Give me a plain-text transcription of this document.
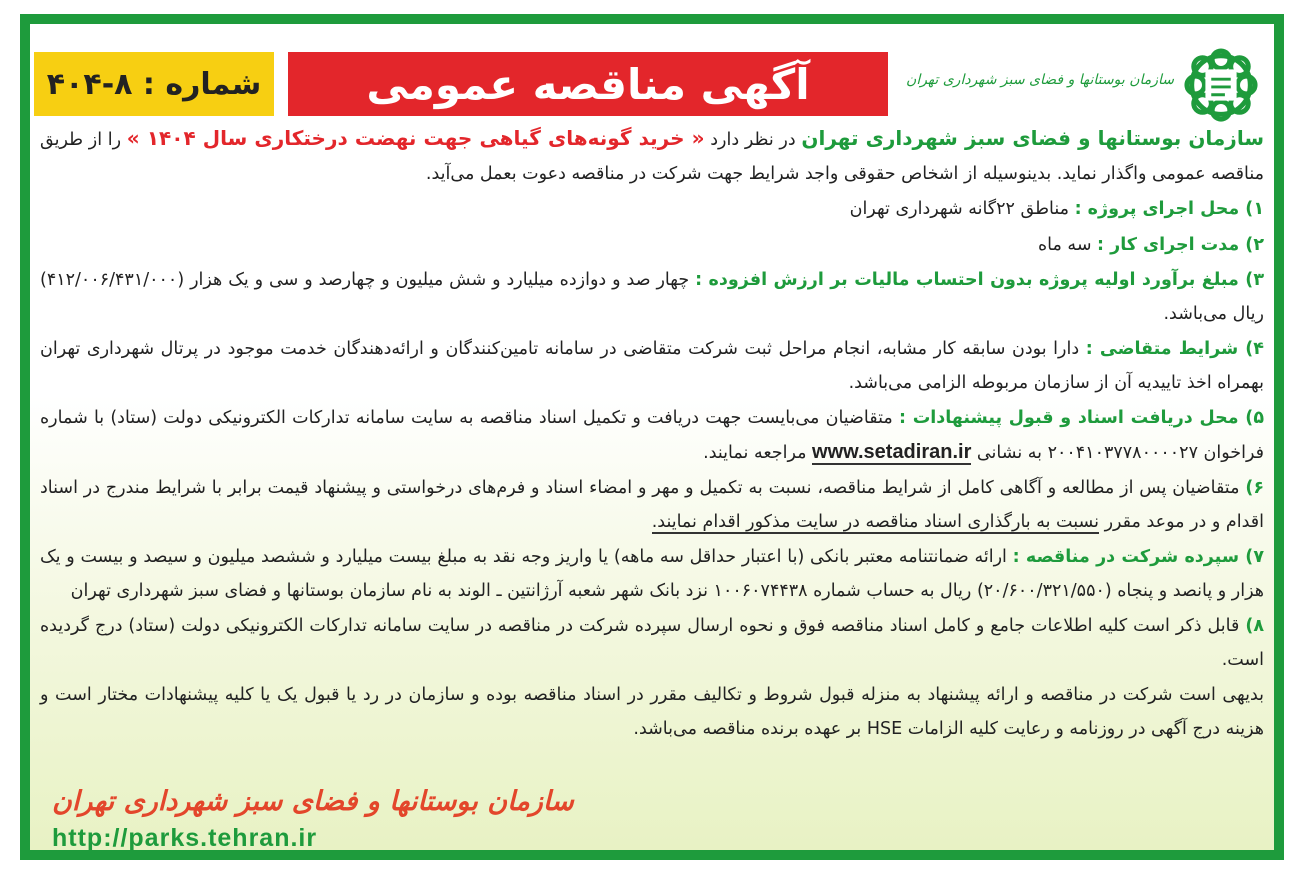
شماره : ۸-۴۰۴	آگهی مناقصه عمومی	سازمان بوستانها و فضای سبز شهرداری تهران

سازمان بوستانها و فضای سبز شهرداری تهران در نظر دارد « خرید گونه‌های گیاهی جهت نهضت درختکاری سال ۱۴۰۴ » را از طریق مناقصه عمومی واگذار نماید. بدینوسیله از اشخاص حقوقی واجد شرایط جهت شرکت در مناقصه دعوت بعمل می‌آید.

۱) محل اجرای پروژه : مناطق ۲۲گانه شهرداری تهران

۲) مدت اجرای کار : سه ماه

۳) مبلغ برآورد اولیه پروژه بدون احتساب مالیات بر ارزش افزوده : چهار صد و دوازده میلیارد و شش میلیون و چهارصد و سی و یک هزار (۴۱۲/۰۰۶/۴۳۱/۰۰۰) ریال می‌باشد.

۴) شرایط متقاضی : دارا بودن سابقه کار مشابه، انجام مراحل ثبت شرکت متقاضی در سامانه تامین‌کنندگان و ارائه‌دهندگان خدمت موجود در پرتال شهرداری تهران بهمراه اخذ تاییدیه آن از سازمان مربوطه الزامی می‌باشد.

۵) محل دریافت اسناد و قبول پیشنهادات : متقاضیان می‌بایست جهت دریافت و تکمیل اسناد مناقصه به سایت سامانه تدارکات الکترونیکی دولت (ستاد) با شماره فراخوان ۲۰۰۴۱۰۳۷۷۸۰۰۰۰۲۷ به نشانی www.setadiran.ir مراجعه نمایند.

۶) متقاضیان پس از مطالعه و آگاهی کامل از شرایط مناقصه، نسبت به تکمیل و مهر و امضاء اسناد و فرم‌های درخواستی و پیشنهاد قیمت برابر با شرایط مندرج در اسناد اقدام و در موعد مقرر نسبت به بارگذاری اسناد مناقصه در سایت مذکور اقدام نمایند.

۷) سپرده شرکت در مناقصه : ارائه ضمانتنامه معتبر بانکی (با اعتبار حداقل سه ماهه) یا واریز وجه نقد به مبلغ بیست میلیارد و ششصد میلیون و سیصد و بیست و یک هزار و پانصد و پنجاه (۲۰/۶۰۰/۳۲۱/۵۵۰) ریال به حساب شماره ۱۰۰۶۰۷۴۴۳۸ نزد بانک شهر شعبه آرژانتین ـ الوند به نام سازمان بوستانها و فضای سبز شهرداری تهران

۸) قابل ذکر است کلیه اطلاعات جامع و کامل اسناد مناقصه فوق و نحوه ارسال سپرده شرکت در مناقصه در سایت سامانه تدارکات الکترونیکی دولت (ستاد) درج گردیده است.

بدیهی است شرکت در مناقصه و ارائه پیشنهاد به منزله قبول شروط و تکالیف مقرر در اسناد مناقصه بوده و سازمان در رد یا قبول یک یا کلیه پیشنهادات مختار است و هزینه درج آگهی در روزنامه و رعایت کلیه الزامات HSE بر عهده برنده مناقصه می‌باشد.

سازمان بوستانها و فضای سبز شهرداری تهران
http://parks.tehran.ir
